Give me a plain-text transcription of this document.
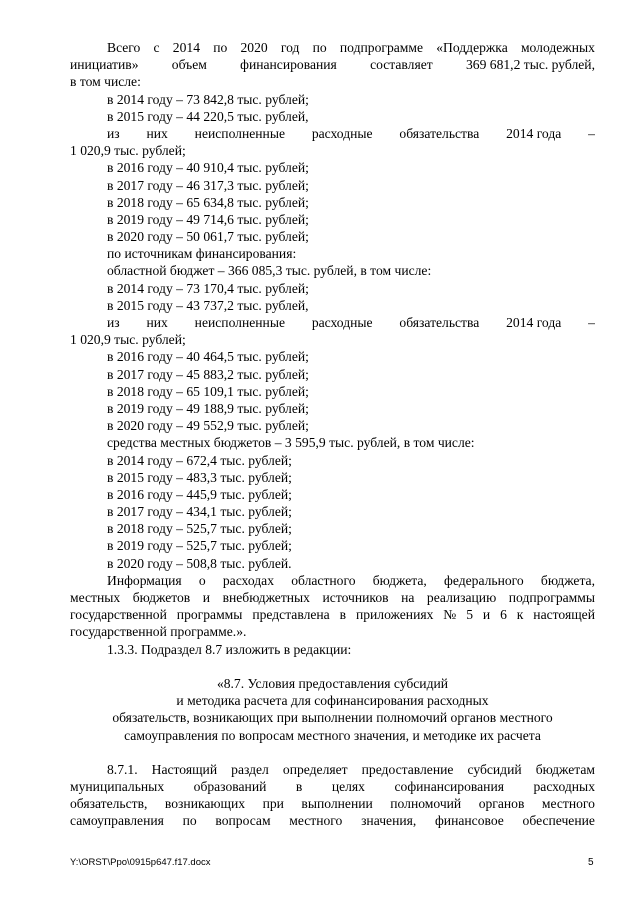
Всего с 2014 по 2020 год по подпрограмме «Поддержка молодежных
инициатив» объем финансирования составляет 369 681,2 тыс. рублей,
в том числе:
в 2014 году – 73 842,8 тыс. рублей;
в 2015 году – 44 220,5 тыс. рублей,
из них неисполненные расходные обязательства 2014 года –
1 020,9 тыс. рублей;
в 2016 году – 40 910,4 тыс. рублей;
в 2017 году – 46 317,3 тыс. рублей;
в 2018 году – 65 634,8 тыс. рублей;
в 2019 году – 49 714,6 тыс. рублей;
в 2020 году – 50 061,7 тыс. рублей;
по источникам финансирования:
областной бюджет – 366 085,3 тыс. рублей, в том числе:
в 2014 году – 73 170,4 тыс. рублей;
в 2015 году – 43 737,2 тыс. рублей,
из них неисполненные расходные обязательства 2014 года –
1 020,9 тыс. рублей;
в 2016 году – 40 464,5 тыс. рублей;
в 2017 году – 45 883,2 тыс. рублей;
в 2018 году – 65 109,1 тыс. рублей;
в 2019 году – 49 188,9 тыс. рублей;
в 2020 году – 49 552,9 тыс. рублей;
средства местных бюджетов – 3 595,9 тыс. рублей, в том числе:
в 2014 году – 672,4 тыс. рублей;
в 2015 году – 483,3 тыс. рублей;
в 2016 году – 445,9 тыс. рублей;
в 2017 году – 434,1 тыс. рублей;
в 2018 году – 525,7 тыс. рублей;
в 2019 году – 525,7 тыс. рублей;
в 2020 году – 508,8 тыс. рублей.
Информация о расходах областного бюджета, федерального бюджета,
местных бюджетов и внебюджетных источников на реализацию подпрограммы
государственной программы представлена в приложениях № 5 и 6 к настоящей
государственной программе.».
1.3.3. Подраздел 8.7 изложить в редакции:
«8.7. Условия предоставления субсидий
и методика расчета для софинансирования расходных
обязательств, возникающих при выполнении полномочий органов местного
самоуправления по вопросам местного значения, и методике их расчета
8.7.1. Настоящий раздел определяет предоставление субсидий бюджетам
муниципальных образований в целях софинансирования расходных
обязательств, возникающих при выполнении полномочий органов местного
самоуправления по вопросам местного значения, финансовое обеспечение
Y:\ORST\Ppo\0915p647.f17.docx	5
